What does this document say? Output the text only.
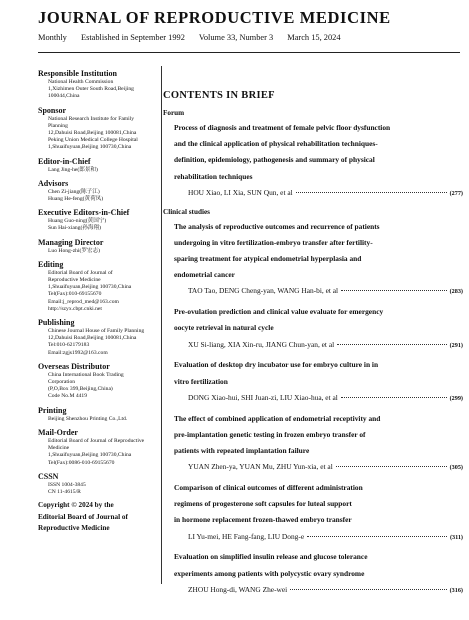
JOURNAL OF REPRODUCTIVE MEDICINE
Monthly Established in September 1992 Volume 33, Number 3 March 15, 2024
Responsible Institution
National Health Commission
1,Xizhimen Outer South Road,Beijing
100044,China
Sponsor
National Research Institute for Family
Planning
12,Dahuisi Road,Beijing 100081,China
Peking Union Medical College Hospital
1,Shuaifuyuan,Beijing 100730,China
Editor-in-Chief
Lang Jing-he(郎景和)
Advisors
Chen Zi-jiang(陈子江)
Huang He-feng(黄荷凤)
Executive Editors-in-Chief
Huang Guo-ning(黄国宁)
Sun Hai-xiang(孙海翔)
Managing Director
Luo Hong-zhi(罗宏志)
Editing
Editorial Board of Journal of
Reproductive Medicine
1,Shuaifuyuan,Beijing 100730,China
Tel(Fax):010-69155670
Email:j_reprod_med@163.com
http://szyx.cbpt.cnki.net
Publishing
Chinese Journal House of Family Planning
12,Dahuisi Road,Beijing 100081,China
Tel:010-62179183
Email:zgjs1992@163.com
Overseas Distributor
China International Book Trading
Corporation
(P,O,Box 399,Beijing,China)
Code No.M 4419
Printing
Beijing Shenzhou Printing Co.,Ltd.
Mail-Order
Editorial Board of Journal of Reproductive
Medicine
1,Shuaifuyuan,Beijing 100730,China
Tel(Fax):0086-010-69155670
CSSN
ISSN 1004-3845
CN 11-4615/R
Copyright © 2024 by the
Editorial Board of Journal of
Reproductive Medicine
CONTENTS IN BRIEF
Forum
Process of diagnosis and treatment of female pelvic floor dysfunction
and the clinical application of physical rehabilitation techniques-
definition, epidemiology, pathogenesis and summary of physical
rehabilitation techniques
HOU Xiao, LI Xia, SUN Qun, et al	(277)
Clinical studies
The analysis of reproductive outcomes and recurrence of patients
undergoing in vitro fertilization-embryo transfer after fertility-
sparing treatment for atypical endometrial hyperplasia and
endometrial cancer
TAO Tao, DENG Cheng-yan, WANG Han-bi, et al	(283)
Pre-ovulation prediction and clinical value evaluate for emergency
oocyte retrieval in natural cycle
XU Si-liang, XIA Xin-ru, JIANG Chun-yan, et al	(291)
Evaluation of desktop dry incubator use for embryo culture in in
vitro fertilization
DONG Xiao-hui, SHI Juan-zi, LIU Xiao-hua, et al	(299)
The effect of combined application of endometrial receptivity and
pre-implantation genetic testing in frozen embryo transfer of
patients with repeated implantation failure
YUAN Zhen-ya, YUAN Mu, ZHU Yun-xia, et al	(305)
Comparison of clinical outcomes of different administration
regimens of progesterone soft capsules for luteal support
in hormone replacement frozen-thawed embryo transfer
LI Yu-mei, HE Fang-fang, LIU Dong-e	(311)
Evaluation on simplified insulin release and glucose tolerance
experiments among patients with polycystic ovary syndrome
ZHOU Hong-di, WANG Zhe-wei	(316)
